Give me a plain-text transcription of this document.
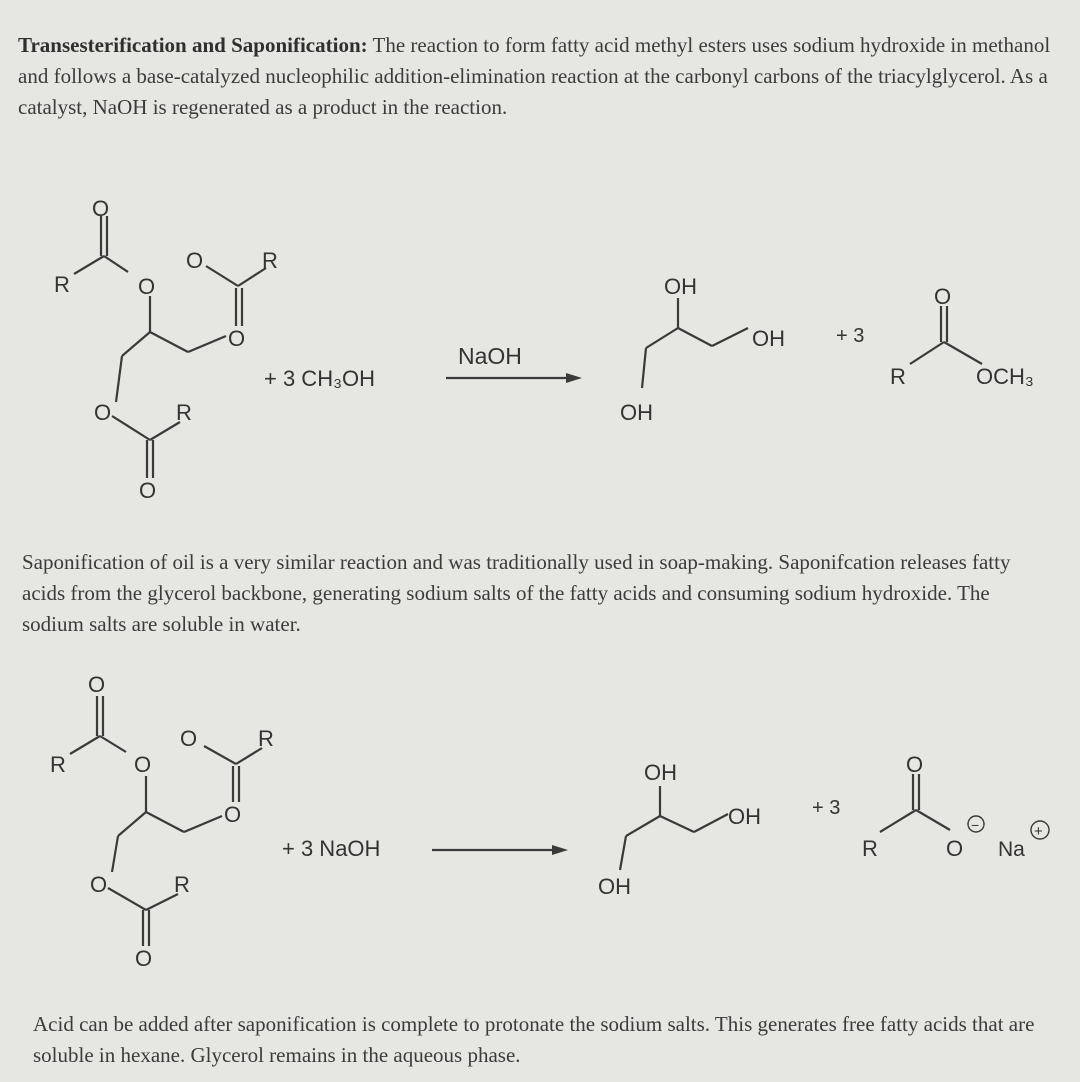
Transesterification and Saponification: The reaction to form fatty acid methyl esters uses sodium hydroxide in methanol and follows a base-catalyzed nucleophilic addition-elimination reaction at the carbonyl carbons of the triacylglycerol. As a catalyst, NaOH is regenerated as a product in the reaction.

O
R	O
O	R
O
O	R
O
+ 3 CH₃OH
NaOH
OH
OH
OH
+ 3
O
R	OCH₃

Saponification of oil is a very similar reaction and was traditionally used in soap-making. Saponifcation releases fatty acids from the glycerol backbone, generating sodium salts of the fatty acids and consuming sodium hydroxide. The sodium salts are soluble in water.

O
R	O
O	R
O
O	R
O
+ 3 NaOH
OH
OH
OH
+ 3
O
R	O
−
Na
+

Acid can be added after saponification is complete to protonate the sodium salts. This generates free fatty acids that are soluble in hexane. Glycerol remains in the aqueous phase.
